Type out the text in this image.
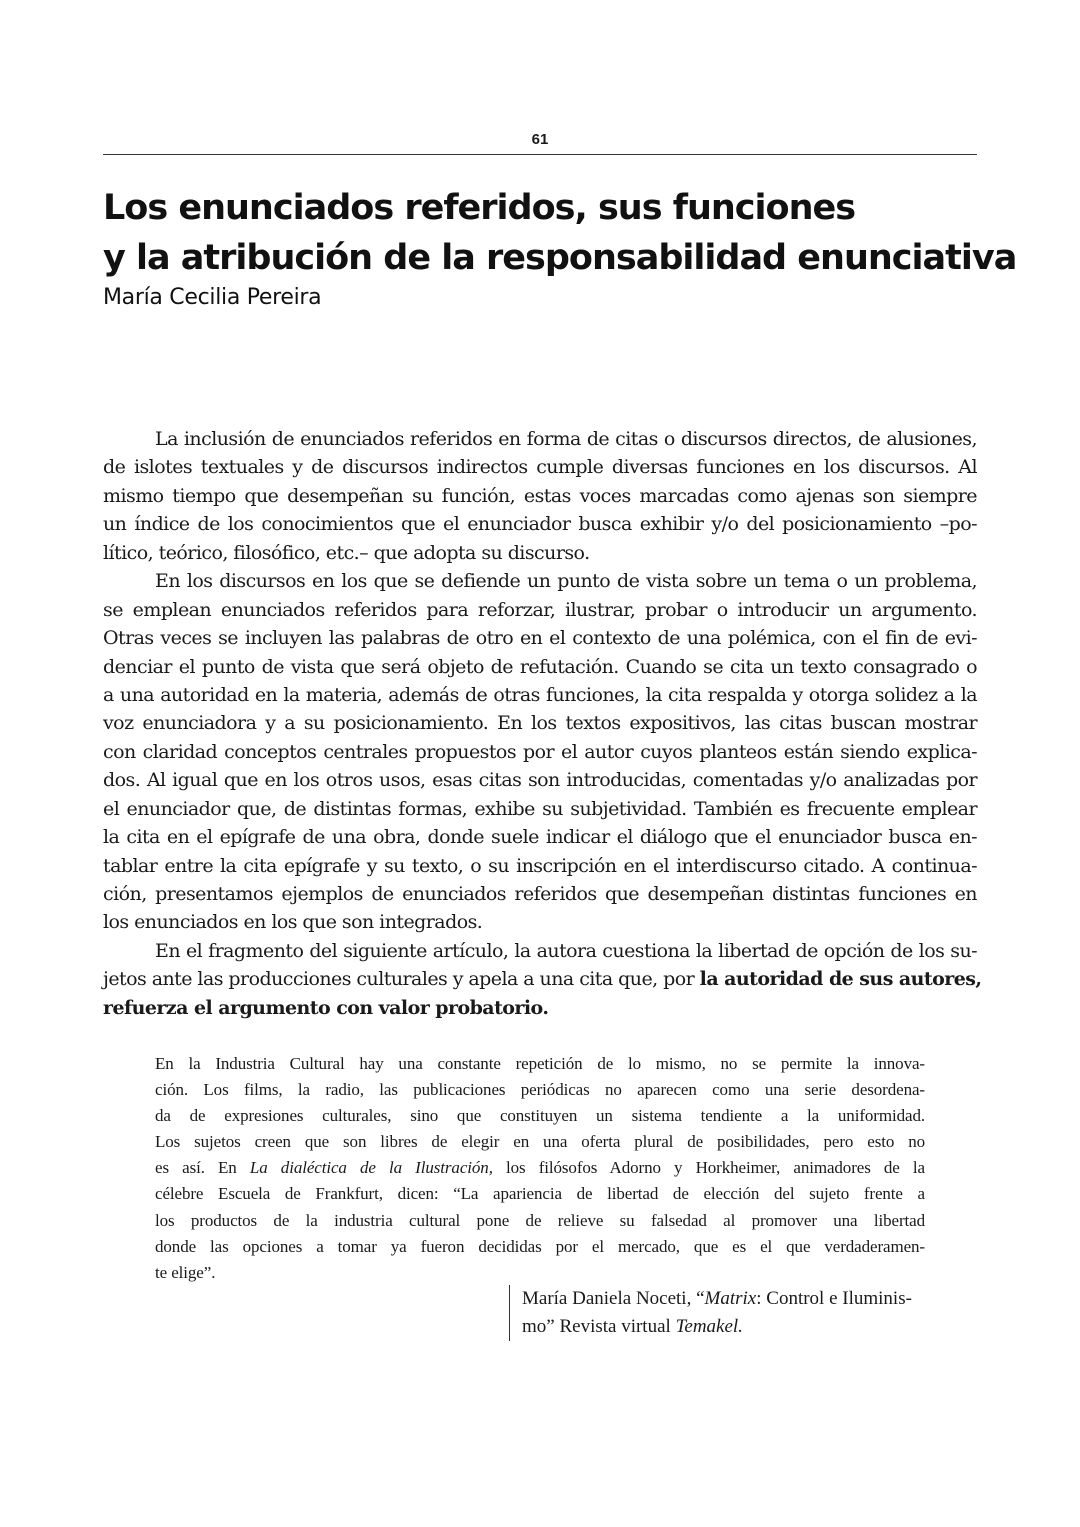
61
Los enunciados referidos, sus funciones
y la atribución de la responsabilidad enunciativa
María Cecilia Pereira
La inclusión de enunciados referidos en forma de citas o discursos directos, de alusiones,
de islotes textuales y de discursos indirectos cumple diversas funciones en los discursos. Al
mismo tiempo que desempeñan su función, estas voces marcadas como ajenas son siempre
un índice de los conocimientos que el enunciador busca exhibir y/o del posicionamiento –po-
lítico, teórico, filosófico, etc.– que adopta su discurso.
En los discursos en los que se defiende un punto de vista sobre un tema o un problema,
se emplean enunciados referidos para reforzar, ilustrar, probar o introducir un argumento.
Otras veces se incluyen las palabras de otro en el contexto de una polémica, con el fin de evi-
denciar el punto de vista que será objeto de refutación. Cuando se cita un texto consagrado o
a una autoridad en la materia, además de otras funciones, la cita respalda y otorga solidez a la
voz enunciadora y a su posicionamiento. En los textos expositivos, las citas buscan mostrar
con claridad conceptos centrales propuestos por el autor cuyos planteos están siendo explica-
dos. Al igual que en los otros usos, esas citas son introducidas, comentadas y/o analizadas por
el enunciador que, de distintas formas, exhibe su subjetividad. También es frecuente emplear
la cita en el epígrafe de una obra, donde suele indicar el diálogo que el enunciador busca en-
tablar entre la cita epígrafe y su texto, o su inscripción en el interdiscurso citado. A continua-
ción, presentamos ejemplos de enunciados referidos que desempeñan distintas funciones en
los enunciados en los que son integrados.
En el fragmento del siguiente artículo, la autora cuestiona la libertad de opción de los su-
jetos ante las producciones culturales y apela a una cita que, por la autoridad de sus autores,
refuerza el argumento con valor probatorio.
En la Industria Cultural hay una constante repetición de lo mismo, no se permite la innova-
ción. Los films, la radio, las publicaciones periódicas no aparecen como una serie desordena-
da de expresiones culturales, sino que constituyen un sistema tendiente a la uniformidad.
Los sujetos creen que son libres de elegir en una oferta plural de posibilidades, pero esto no
es así. En La dialéctica de la Ilustración, los filósofos Adorno y Horkheimer, animadores de la
célebre Escuela de Frankfurt, dicen: “La apariencia de libertad de elección del sujeto frente a
los productos de la industria cultural pone de relieve su falsedad al promover una libertad
donde las opciones a tomar ya fueron decididas por el mercado, que es el que verdaderamen-
te elige”.
María Daniela Noceti, “Matrix: Control e Iluminis-
mo” Revista virtual Temakel.
